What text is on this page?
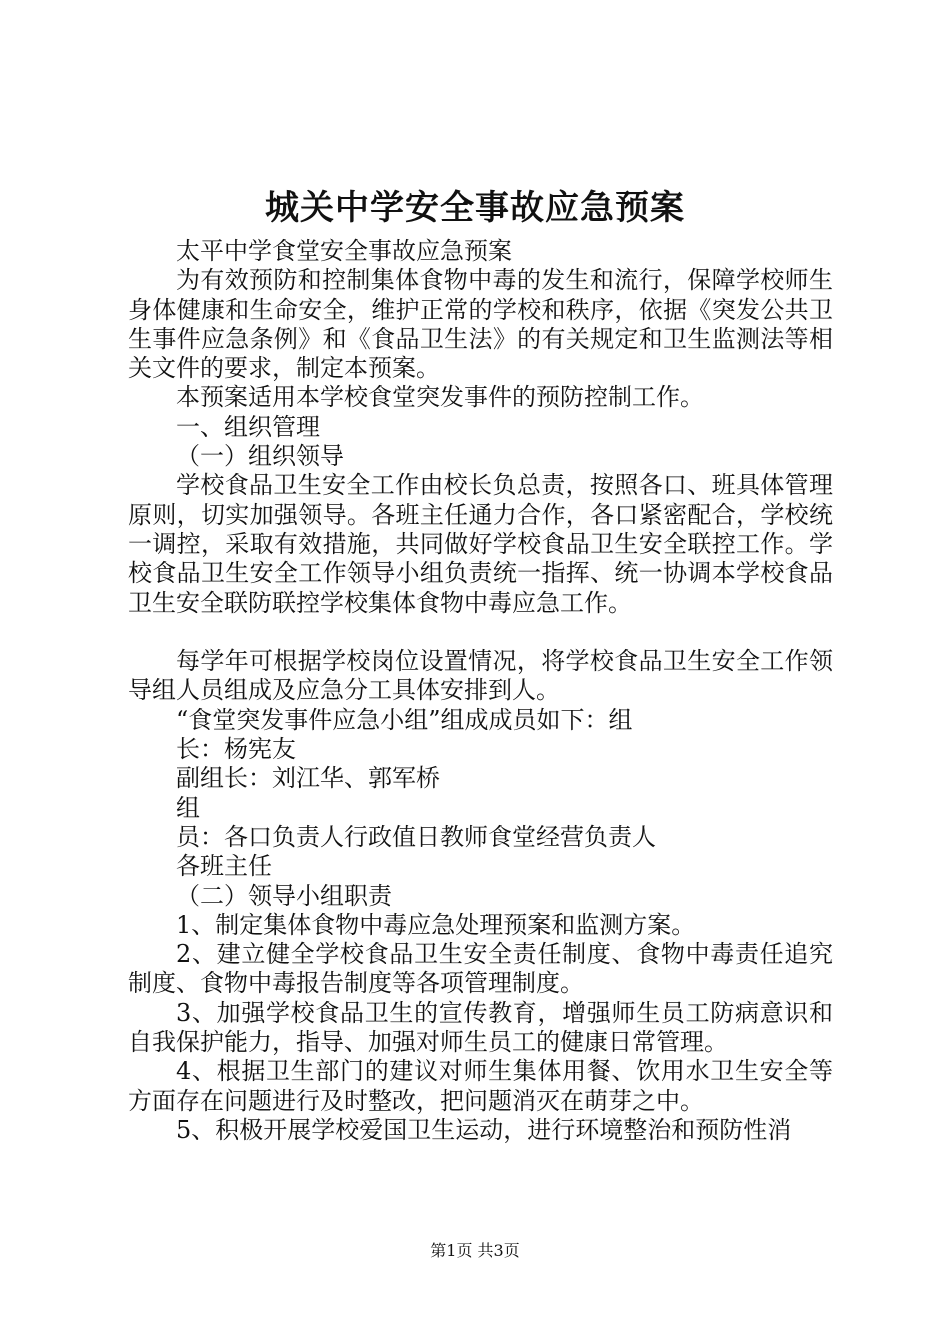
城关中学安全事故应急预案

太平中学食堂安全事故应急预案

为有效预防和控制集体食物中毒的发生和流行，保障学校师生身体健康和生命安全，维护正常的学校和秩序，依据《突发公共卫生事件应急条例》和《食品卫生法》的有关规定和卫生监测法等相关文件的要求，制定本预案。

本预案适用本学校食堂突发事件的预防控制工作。

一、组织管理

（一）组织领导

学校食品卫生安全工作由校长负总责，按照各口、班具体管理原则，切实加强领导。各班主任通力合作，各口紧密配合，学校统一调控，采取有效措施，共同做好学校食品卫生安全联控工作。学校食品卫生安全工作领导小组负责统一指挥、统一协调本学校食品卫生安全联防联控学校集体食物中毒应急工作。

每学年可根据学校岗位设置情况，将学校食品卫生安全工作领导组人员组成及应急分工具体安排到人。

“食堂突发事件应急小组”组成成员如下：组

长：杨宪友

副组长：刘江华、郭军桥

组

员：各口负责人行政值日教师食堂经营负责人

各班主任

（二）领导小组职责

1、制定集体食物中毒应急处理预案和监测方案。

2、建立健全学校食品卫生安全责任制度、食物中毒责任追究制度、食物中毒报告制度等各项管理制度。

3、加强学校食品卫生的宣传教育，增强师生员工防病意识和自我保护能力，指导、加强对师生员工的健康日常管理。

4、根据卫生部门的建议对师生集体用餐、饮用水卫生安全等方面存在问题进行及时整改，把问题消灭在萌芽之中。

5、积极开展学校爱国卫生运动，进行环境整治和预防性消

第1页 共3页
